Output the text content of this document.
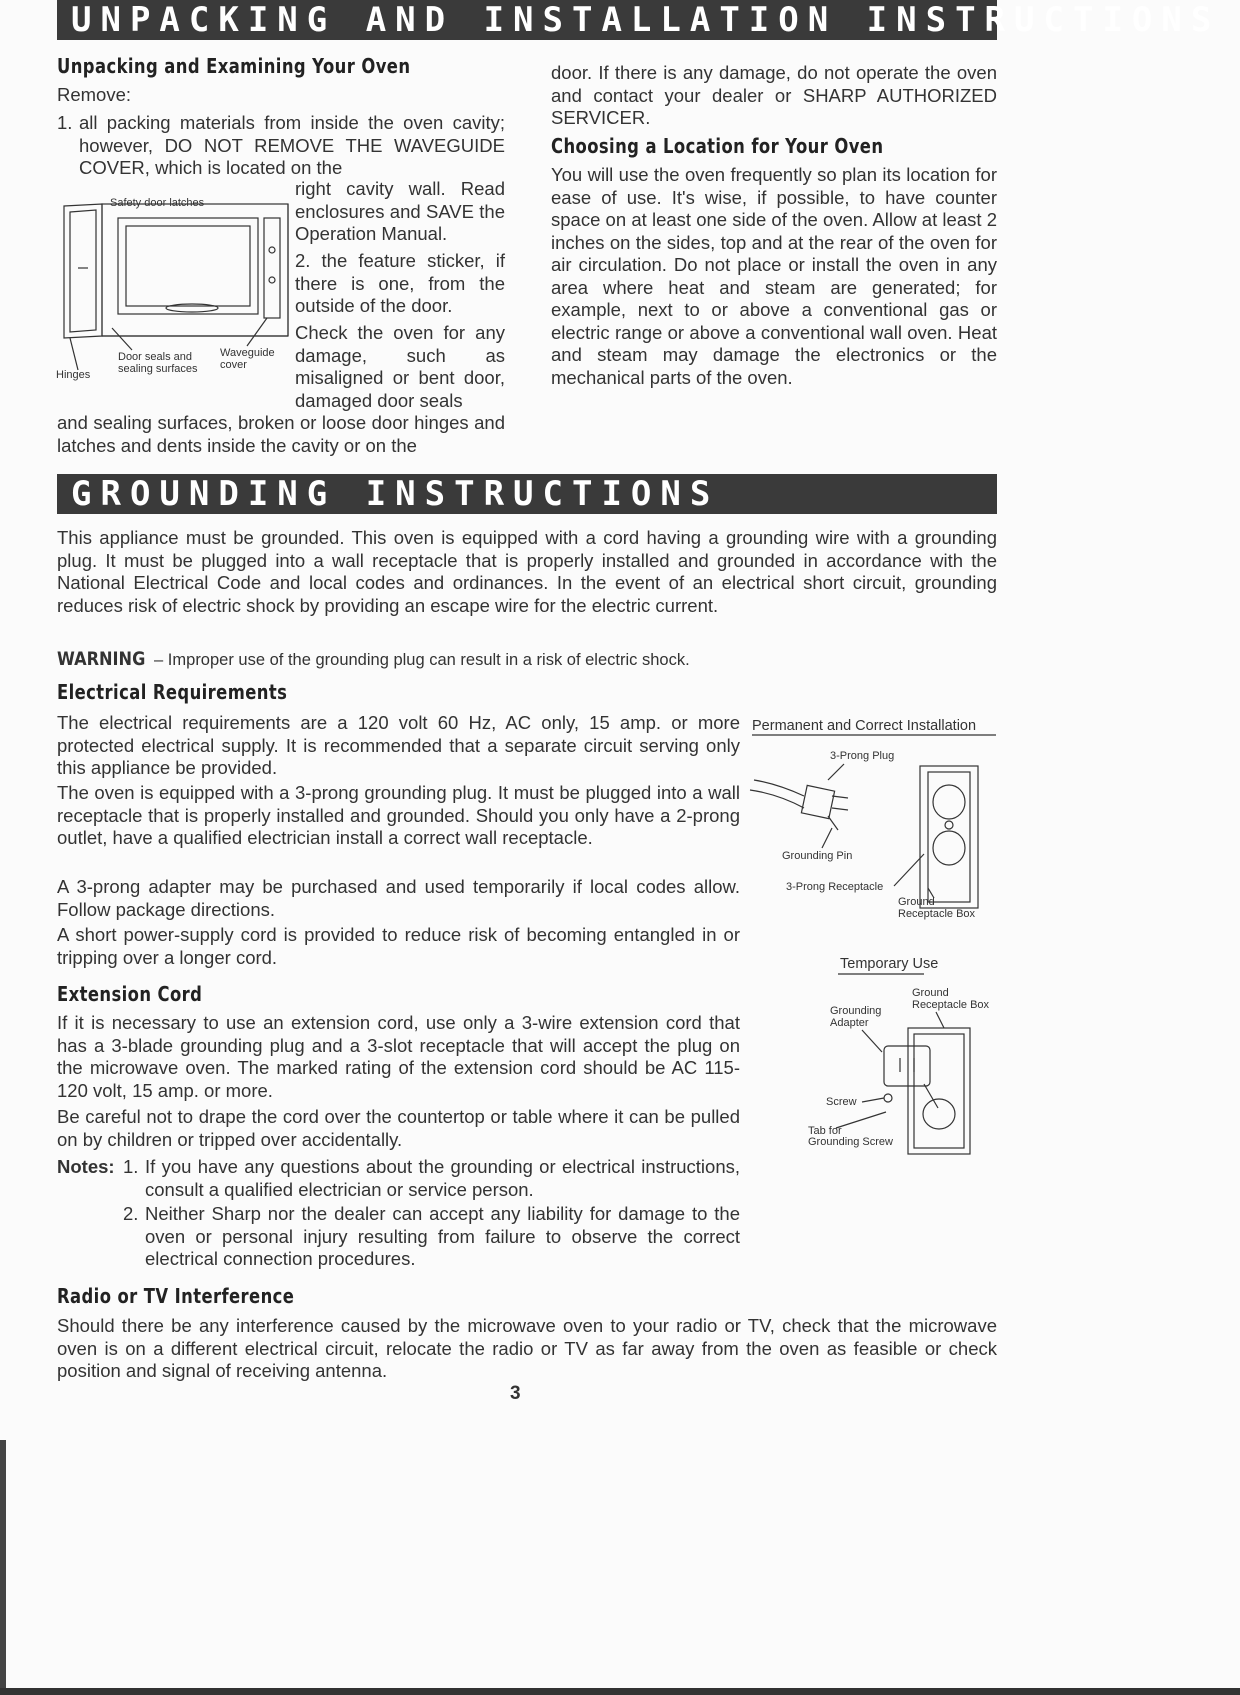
UNPACKING AND INSTALLATION INSTRUCTIONS
Unpacking and Examining Your Oven
Remove:
1. all packing materials from inside the oven cavity; however, DO NOT REMOVE THE WAVEGUIDE COVER, which is located on the
Safety door latches
Door seals and
sealing surfaces
Waveguide
cover
Hinges
right cavity wall. Read enclosures and SAVE the Operation Manual.
2. the feature sticker, if there is one, from the outside of the door.
Check the oven for any damage, such as misaligned or bent door, damaged door seals
and sealing surfaces, broken or loose door hinges and latches and dents inside the cavity or on the
door. If there is any damage, do not operate the oven and contact your dealer or SHARP AUTHORIZED SERVICER.
Choosing a Location for Your Oven
You will use the oven frequently so plan its location for ease of use. It's wise, if possible, to have counter space on at least one side of the oven. Allow at least 2 inches on the sides, top and at the rear of the oven for air circulation. Do not place or install the oven in any area where heat and steam are generated; for example, next to or above a conventional gas or electric range or above a conventional wall oven. Heat and steam may damage the electronics or the mechanical parts of the oven.
GROUNDING INSTRUCTIONS
This appliance must be grounded. This oven is equipped with a cord having a grounding wire with a grounding plug. It must be plugged into a wall receptacle that is properly installed and grounded in accordance with the National Electrical Code and local codes and ordinances. In the event of an electrical short circuit, grounding reduces risk of electric shock by providing an escape wire for the electric current.
WARNING – Improper use of the grounding plug can result in a risk of electric shock.
Electrical Requirements
The electrical requirements are a 120 volt 60 Hz, AC only, 15 amp. or more protected electrical supply. It is recommended that a separate circuit serving only this appliance be provided.
The oven is equipped with a 3-prong grounding plug. It must be plugged into a wall receptacle that is properly installed and grounded. Should you only have a 2-prong outlet, have a qualified electrician install a correct wall receptacle.
A 3-prong adapter may be purchased and used temporarily if local codes allow. Follow package directions.
A short power-supply cord is provided to reduce risk of becoming entangled in or tripping over a longer cord.
Extension Cord
If it is necessary to use an extension cord, use only a 3-wire extension cord that has a 3-blade grounding plug and a 3-slot receptacle that will accept the plug on the microwave oven. The marked rating of the extension cord should be AC 115-120 volt, 15 amp. or more.
Be careful not to drape the cord over the countertop or table where it can be pulled on by children or tripped over accidentally.
Notes: 1. If you have any questions about the grounding or electrical instructions, consult a qualified electrician or service person.
2. Neither Sharp nor the dealer can accept any liability for damage to the oven or personal injury resulting from failure to observe the correct electrical connection procedures.
Permanent and Correct Installation
3-Prong Plug
Grounding Pin
3-Prong Receptacle
Ground
Receptacle Box
Temporary Use
Ground
Receptacle Box
Grounding
Adapter
Screw
Tab for
Grounding Screw
Radio or TV Interference
Should there be any interference caused by the microwave oven to your radio or TV, check that the microwave oven is on a different electrical circuit, relocate the radio or TV as far away from the oven as feasible or check position and signal of receiving antenna.
3
